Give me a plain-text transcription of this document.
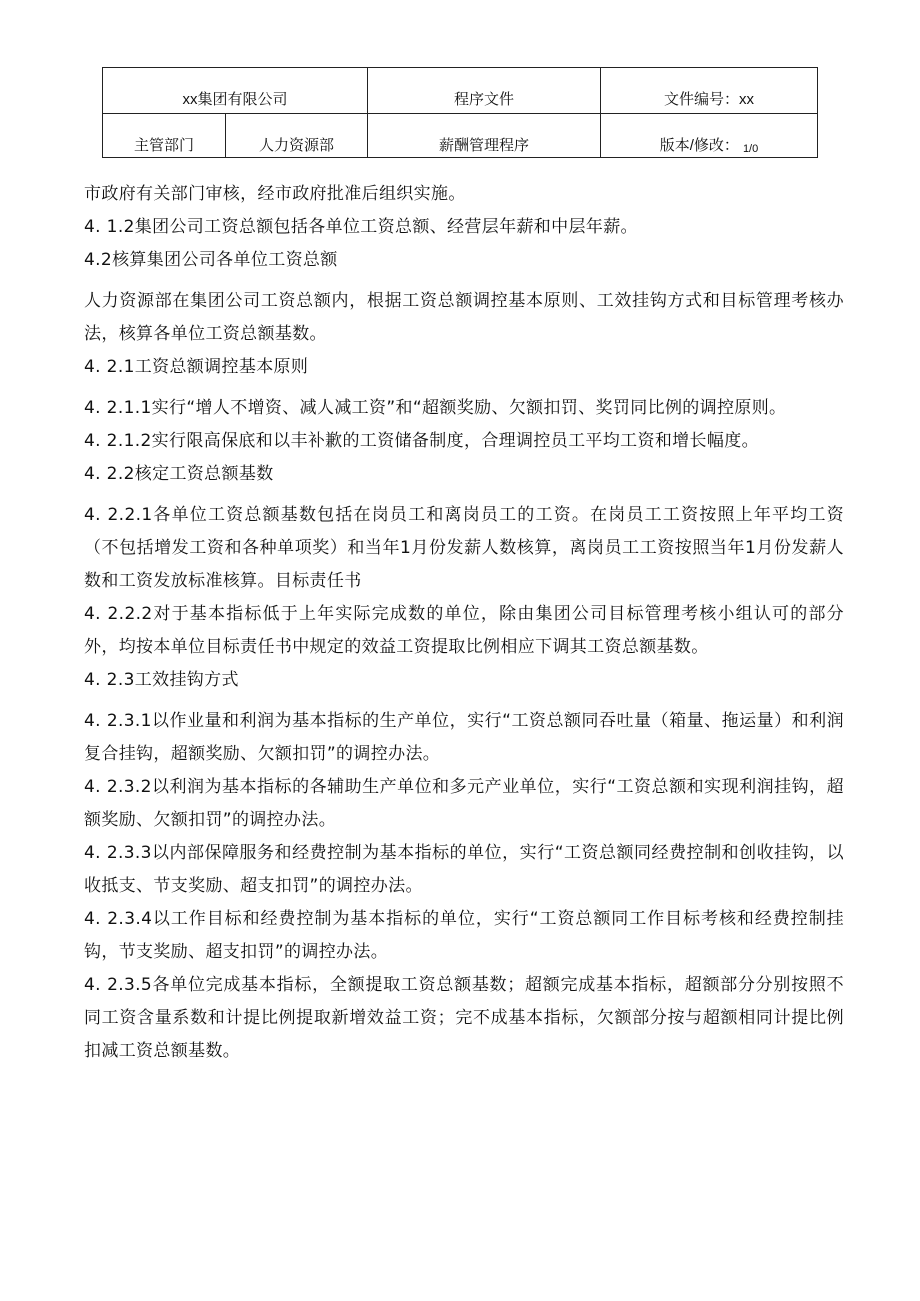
xx集团有限公司	程序文件	文件编号：xx
主管部门	人力资源部	薪酬管理程序	版本/修改： 1/0

市政府有关部门审核，经市政府批准后组织实施。

4. 1.2集团公司工资总额包括各单位工资总额、经营层年薪和中层年薪。

4.2核算集团公司各单位工资总额

人力资源部在集团公司工资总额内，根据工资总额调控基本原则、工效挂钩方式和目标管理考核办法，核算各单位工资总额基数。

4. 2.1工资总额调控基本原则

4. 2.1.1实行“增人不增资、减人减工资”和“超额奖励、欠额扣罚、奖罚同比例的调控原则。

4. 2.1.2实行限高保底和以丰补歉的工资储备制度，合理调控员工平均工资和增长幅度。

4. 2.2核定工资总额基数

4. 2.2.1各单位工资总额基数包括在岗员工和离岗员工的工资。在岗员工工资按照上年平均工资（不包括增发工资和各种单项奖）和当年1月份发薪人数核算，离岗员工工资按照当年1月份发薪人数和工资发放标准核算。目标责任书

4. 2.2.2对于基本指标低于上年实际完成数的单位，除由集团公司目标管理考核小组认可的部分外，均按本单位目标责任书中规定的效益工资提取比例相应下调其工资总额基数。

4. 2.3工效挂钩方式

4. 2.3.1以作业量和利润为基本指标的生产单位，实行“工资总额同吞吐量（箱量、拖运量）和利润复合挂钩，超额奖励、欠额扣罚”的调控办法。

4. 2.3.2以利润为基本指标的各辅助生产单位和多元产业单位，实行“工资总额和实现利润挂钩，超额奖励、欠额扣罚”的调控办法。

4. 2.3.3以内部保障服务和经费控制为基本指标的单位，实行“工资总额同经费控制和创收挂钩，以收抵支、节支奖励、超支扣罚”的调控办法。

4. 2.3.4以工作目标和经费控制为基本指标的单位，实行“工资总额同工作目标考核和经费控制挂钩，节支奖励、超支扣罚”的调控办法。

4. 2.3.5各单位完成基本指标，全额提取工资总额基数；超额完成基本指标，超额部分分别按照不同工资含量系数和计提比例提取新增效益工资；完不成基本指标，欠额部分按与超额相同计提比例扣减工资总额基数。
